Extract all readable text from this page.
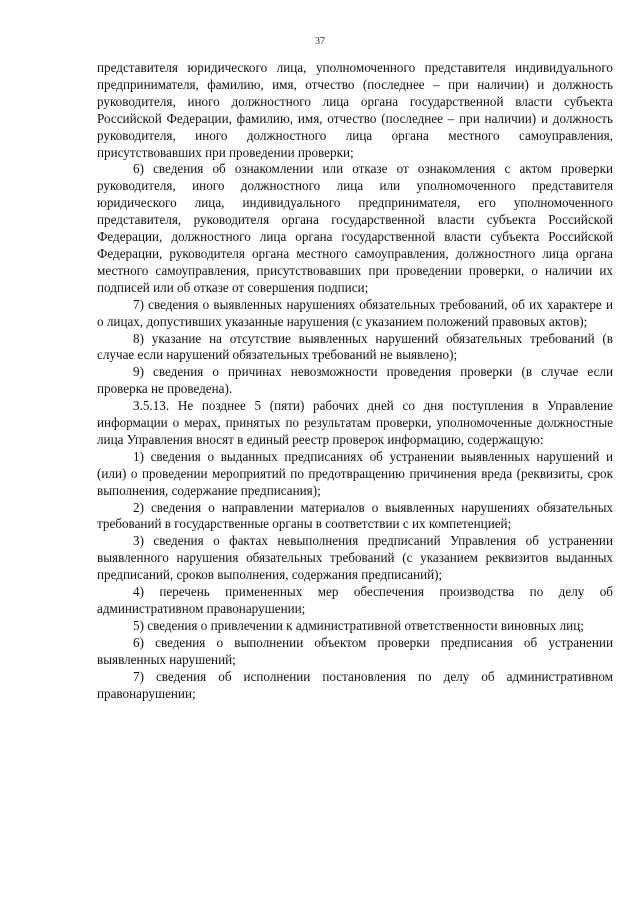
37

представителя юридического лица, уполномоченного представителя индивидуального предпринимателя, фамилию, имя, отчество (последнее – при наличии) и должность руководителя, иного должностного лица органа государственной власти субъекта Российской Федерации, фамилию, имя, отчество (последнее – при наличии) и должность руководителя, иного должностного лица органа местного самоуправления, присутствовавших при проведении проверки;

6) сведения об ознакомлении или отказе от ознакомления с актом проверки руководителя, иного должностного лица или уполномоченного представителя юридического лица, индивидуального предпринимателя, его уполномоченного представителя, руководителя органа государственной власти субъекта Российской Федерации, должностного лица органа государственной власти субъекта Российской Федерации, руководителя органа местного самоуправления, должностного лица органа местного самоуправления, присутствовавших при проведении проверки, о наличии их подписей или об отказе от совершения подписи;

7) сведения о выявленных нарушениях обязательных требований, об их характере и о лицах, допустивших указанные нарушения (с указанием положений правовых актов);

8) указание на отсутствие выявленных нарушений обязательных требований (в случае если нарушений обязательных требований не выявлено);

9) сведения о причинах невозможности проведения проверки (в случае если проверка не проведена).

3.5.13. Не позднее 5 (пяти) рабочих дней со дня поступления в Управление информации о мерах, принятых по результатам проверки, уполномоченные должностные лица Управления вносят в единый реестр проверок информацию, содержащую:

1) сведения о выданных предписаниях об устранении выявленных нарушений и (или) о проведении мероприятий по предотвращению причинения вреда (реквизиты, срок выполнения, содержание предписания);

2) сведения о направлении материалов о выявленных нарушениях обязательных требований в государственные органы в соответствии с их компетенцией;

3) сведения о фактах невыполнения предписаний Управления об устранении выявленного нарушения обязательных требований (с указанием реквизитов выданных предписаний, сроков выполнения, содержания предписаний);

4) перечень примененных мер обеспечения производства по делу об административном правонарушении;

5) сведения о привлечении к административной ответственности виновных лиц;

6) сведения о выполнении объектом проверки предписания об устранении выявленных нарушений;

7) сведения об исполнении постановления по делу об административном правонарушении;
